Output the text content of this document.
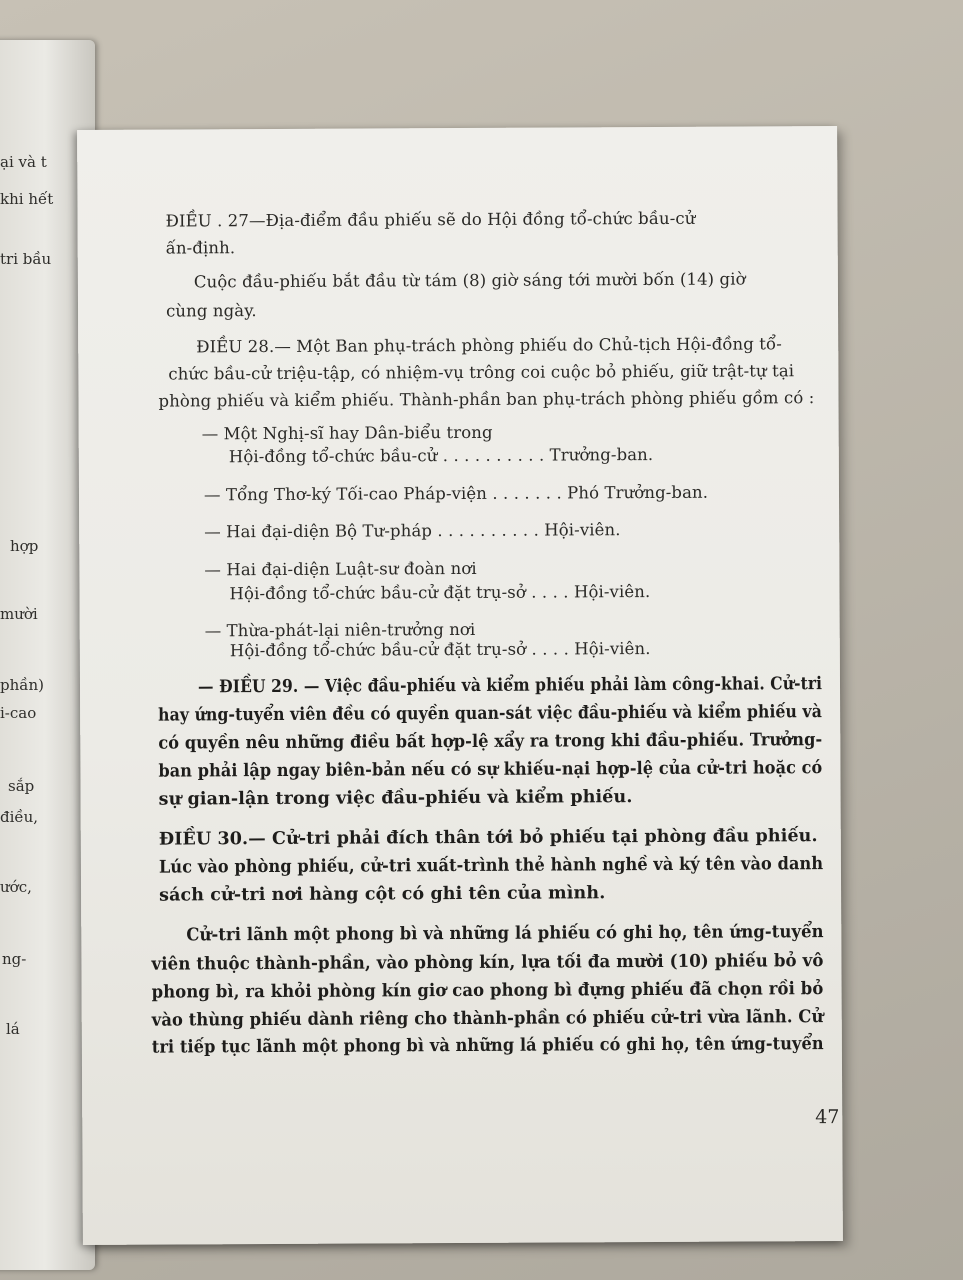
ại và t
khi hết
tri bầu
hợp
mười
phần)
i-cao
sắp
điều,
ước,
ng-
lá
ĐIỀU . 27—Địa-điểm đầu phiếu sẽ do Hội đồng tổ-chức bầu-cử
ấn-định.
Cuộc đầu-phiếu bắt đầu từ tám (8) giờ sáng tới mười bốn (14) giờ
cùng ngày.
ĐIỀU 28.— Một Ban phụ-trách phòng phiếu do Chủ-tịch Hội-đồng tổ-
chức bầu-cử triệu-tập, có nhiệm-vụ trông coi cuộc bỏ phiếu, giữ trật-tự tại
phòng phiếu và kiểm phiếu. Thành-phần ban phụ-trách phòng phiếu gồm có :
— Một Nghị-sĩ hay Dân-biểu trong
Hội-đồng tổ-chức bầu-cử . . . . . . . . . . Trưởng-ban.
— Tổng Thơ-ký Tối-cao Pháp-viện . . . . . . . Phó Trưởng-ban.
— Hai đại-diện Bộ Tư-pháp . . . . . . . . . . Hội-viên.
— Hai đại-diện Luật-sư đoàn nơi
Hội-đồng tổ-chức bầu-cử đặt trụ-sở . . . . Hội-viên.
— Thừa-phát-lại niên-trưởng nơi
Hội-đồng tổ-chức bầu-cử đặt trụ-sở . . . . Hội-viên.
— ĐIỀU 29. — Việc đầu-phiếu và kiểm phiếu phải làm công-khai. Cử-tri
hay ứng-tuyển viên đều có quyền quan-sát việc đầu-phiếu và kiểm phiếu và
có quyền nêu những điều bất hợp-lệ xẩy ra trong khi đầu-phiếu. Trưởng-
ban phải lập ngay biên-bản nếu có sự khiếu-nại hợp-lệ của cử-tri hoặc có
sự gian-lận trong việc đầu-phiếu và kiểm phiếu.
ĐIỀU 30.— Cử-tri phải đích thân tới bỏ phiếu tại phòng đầu phiếu.
Lúc vào phòng phiếu, cử-tri xuất-trình thẻ hành nghề và ký tên vào danh
sách cử-tri nơi hàng cột có ghi tên của mình.
Cử-tri lãnh một phong bì và những lá phiếu có ghi họ, tên ứng-tuyển
viên thuộc thành-phần, vào phòng kín, lựa tối đa mười (10) phiếu bỏ vô
phong bì, ra khỏi phòng kín giơ cao phong bì đựng phiếu đã chọn rồi bỏ
vào thùng phiếu dành riêng cho thành-phần có phiếu cử-tri vừa lãnh. Cử
tri tiếp tục lãnh một phong bì và những lá phiếu có ghi họ, tên ứng-tuyển
47
